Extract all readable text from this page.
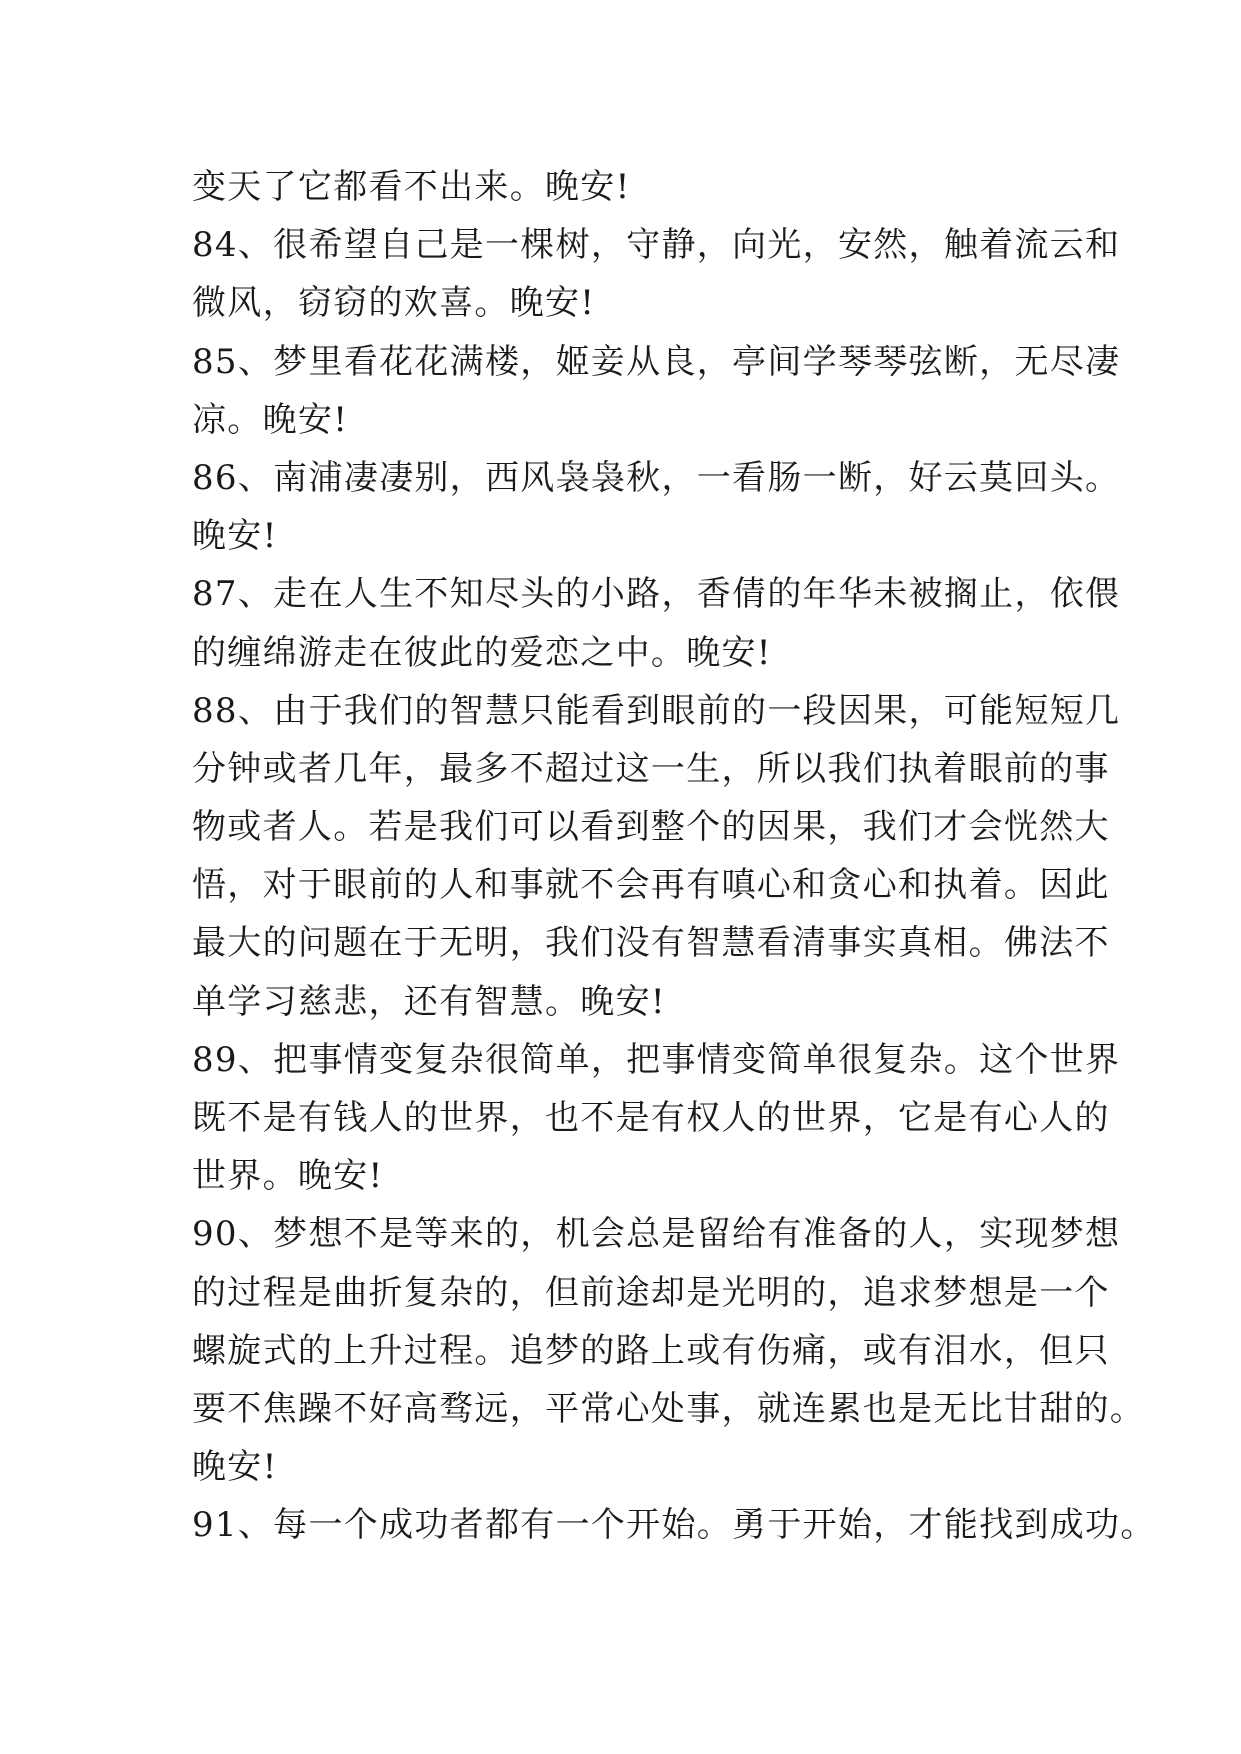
变天了它都看不出来。晚安!
84、很希望自己是一棵树，守静，向光，安然，触着流云和
微风，窃窃的欢喜。晚安!
85、梦里看花花满楼，姬妾从良，亭间学琴琴弦断，无尽凄
凉。晚安!
86、南浦凄凄别，西风袅袅秋，一看肠一断，好云莫回头。
晚安!
87、走在人生不知尽头的小路，香倩的年华未被搁止，依偎
的缠绵游走在彼此的爱恋之中。晚安!
88、由于我们的智慧只能看到眼前的一段因果，可能短短几
分钟或者几年，最多不超过这一生，所以我们执着眼前的事
物或者人。若是我们可以看到整个的因果，我们才会恍然大
悟，对于眼前的人和事就不会再有嗔心和贪心和执着。因此
最大的问题在于无明，我们没有智慧看清事实真相。佛法不
单学习慈悲，还有智慧。晚安!
89、把事情变复杂很简单，把事情变简单很复杂。这个世界
既不是有钱人的世界，也不是有权人的世界，它是有心人的
世界。晚安!
90、梦想不是等来的，机会总是留给有准备的人，实现梦想
的过程是曲折复杂的，但前途却是光明的，追求梦想是一个
螺旋式的上升过程。追梦的路上或有伤痛，或有泪水，但只
要不焦躁不好高骛远，平常心处事，就连累也是无比甘甜的。
晚安!
91、每一个成功者都有一个开始。勇于开始，才能找到成功。
